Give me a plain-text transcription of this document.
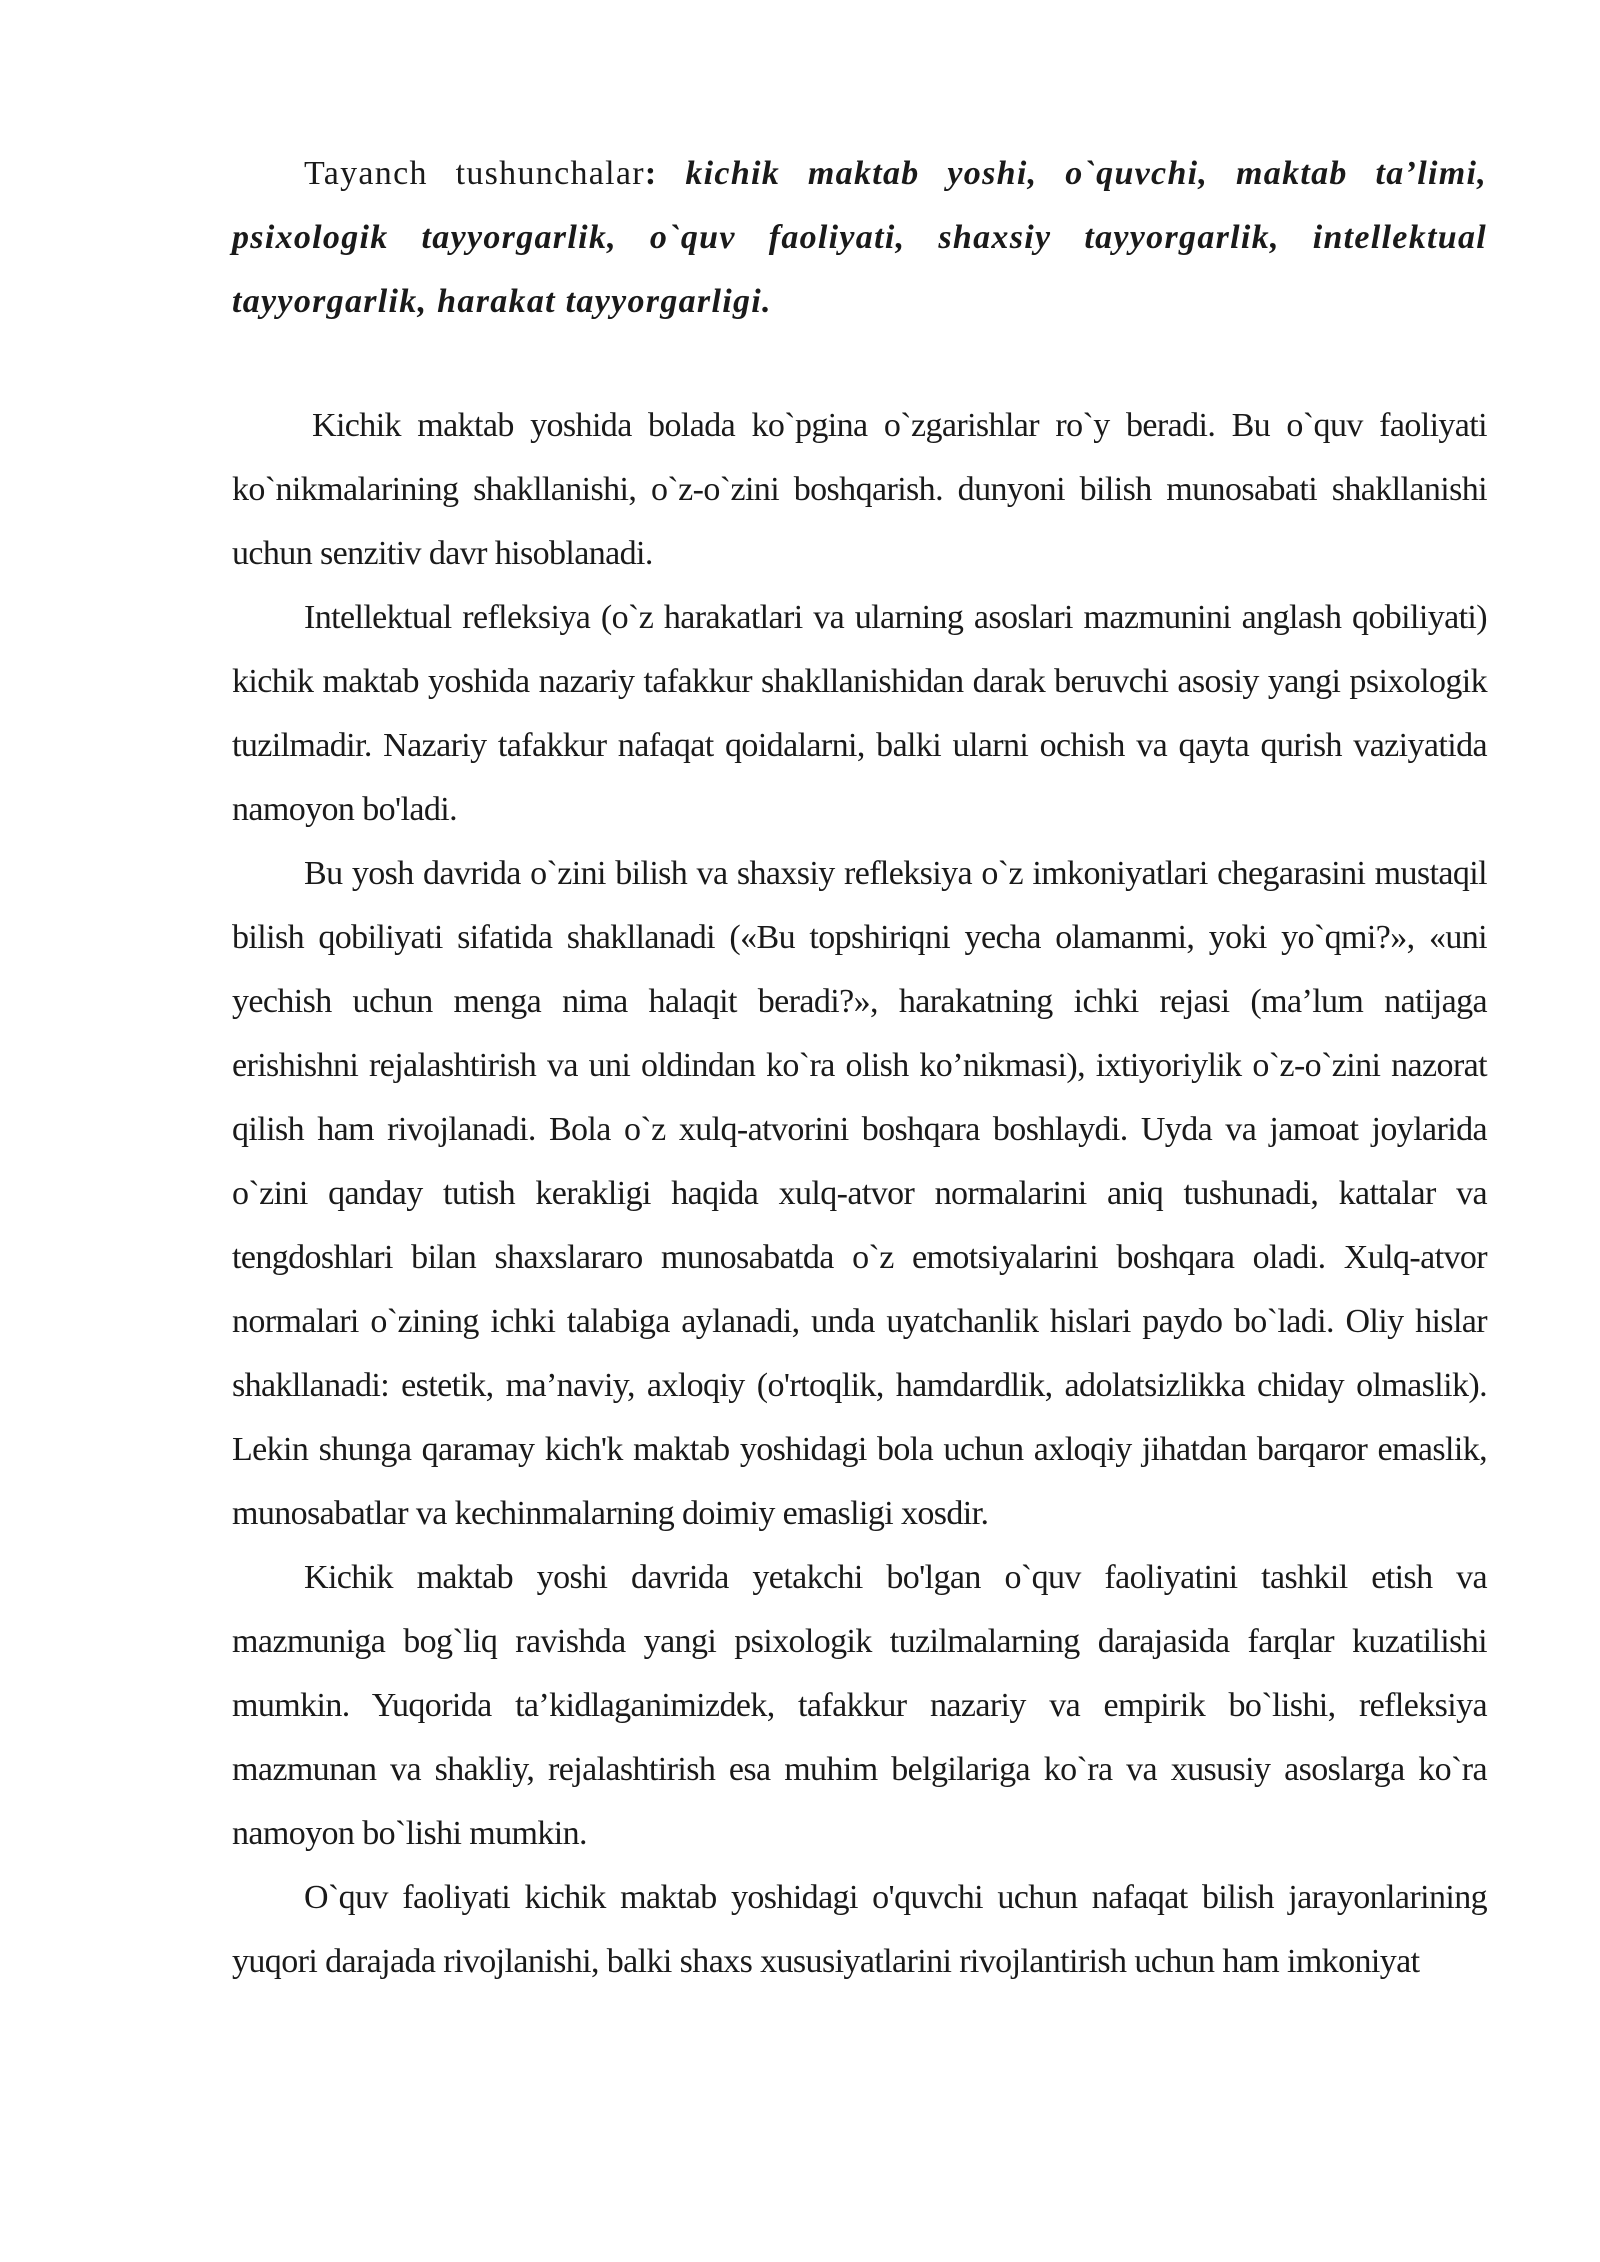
Tayanch tushunchalar: kichik maktab yoshi, o`quvchi, maktab ta’limi, psixologik tayyorgarlik, o`quv faoliyati, shaxsiy tayyorgarlik, intellektual tayyorgarlik, harakat tayyorgarligi.

Kichik maktab yoshida bolada ko`pgina o`zgarishlar ro`y beradi. Bu o`quv faoliyati ko`nikmalarining shakllanishi, o`z-o`zini boshqarish. dunyoni bilish munosabati shakllanishi uchun senzitiv davr hisoblanadi.

Intellektual refleksiya (o`z harakatlari va ularning asoslari mazmunini anglash qobiliyati) kichik maktab yoshida nazariy tafakkur shakllanishidan darak beruvchi asosiy yangi psixologik tuzilmadir. Nazariy tafakkur nafaqat qoidalarni, balki ularni ochish va qayta qurish vaziyatida namoyon bo'ladi.

Bu yosh davrida o`zini bilish va shaxsiy refleksiya o`z imkoniyatlari chegarasini mustaqil bilish qobiliyati sifatida shakllanadi («Bu topshiriqni yecha olamanmi, yoki yo`qmi?», «uni yechish uchun menga nima halaqit beradi?», harakatning ichki rejasi (ma’lum natijaga erishishni rejalashtirish va uni oldindan ko`ra olish ko’nikmasi), ixtiyoriylik o`z-o`zini nazorat qilish ham rivojlanadi. Bola o`z xulq-atvorini boshqara boshlaydi. Uyda va jamoat joylarida o`zini qanday tutish kerakligi haqida xulq-atvor normalarini aniq tushunadi, kattalar va tengdoshlari bilan shaxslararo munosabatda o`z emotsiyalarini boshqara oladi. Xulq-atvor normalari o`zining ichki talabiga aylanadi, unda uyatchanlik hislari paydo bo`ladi. Oliy hislar shakllanadi: estetik, ma’naviy, axloqiy (o'rtoqlik, hamdardlik, adolatsizlikka chiday olmaslik). Lekin shunga qaramay kich'k maktab yoshidagi bola uchun axloqiy jihatdan barqaror emaslik, munosabatlar va kechinmalarning doimiy emasligi xosdir.

Kichik maktab yoshi davrida yetakchi bo'lgan o`quv faoliyatini tashkil etish va mazmuniga bog`liq ravishda yangi psixologik tuzilmalarning darajasida farqlar kuzatilishi mumkin. Yuqorida ta’kidlaganimizdek, tafakkur nazariy va empirik bo`lishi, refleksiya mazmunan va shakliy, rejalashtirish esa muhim belgilariga ko`ra va xususiy asoslarga ko`ra namoyon bo`lishi mumkin.

O`quv faoliyati kichik maktab yoshidagi o'quvchi uchun nafaqat bilish jarayonlarining yuqori darajada rivojlanishi, balki shaxs xususiyatlarini rivojlantirish uchun ham imkoniyat
